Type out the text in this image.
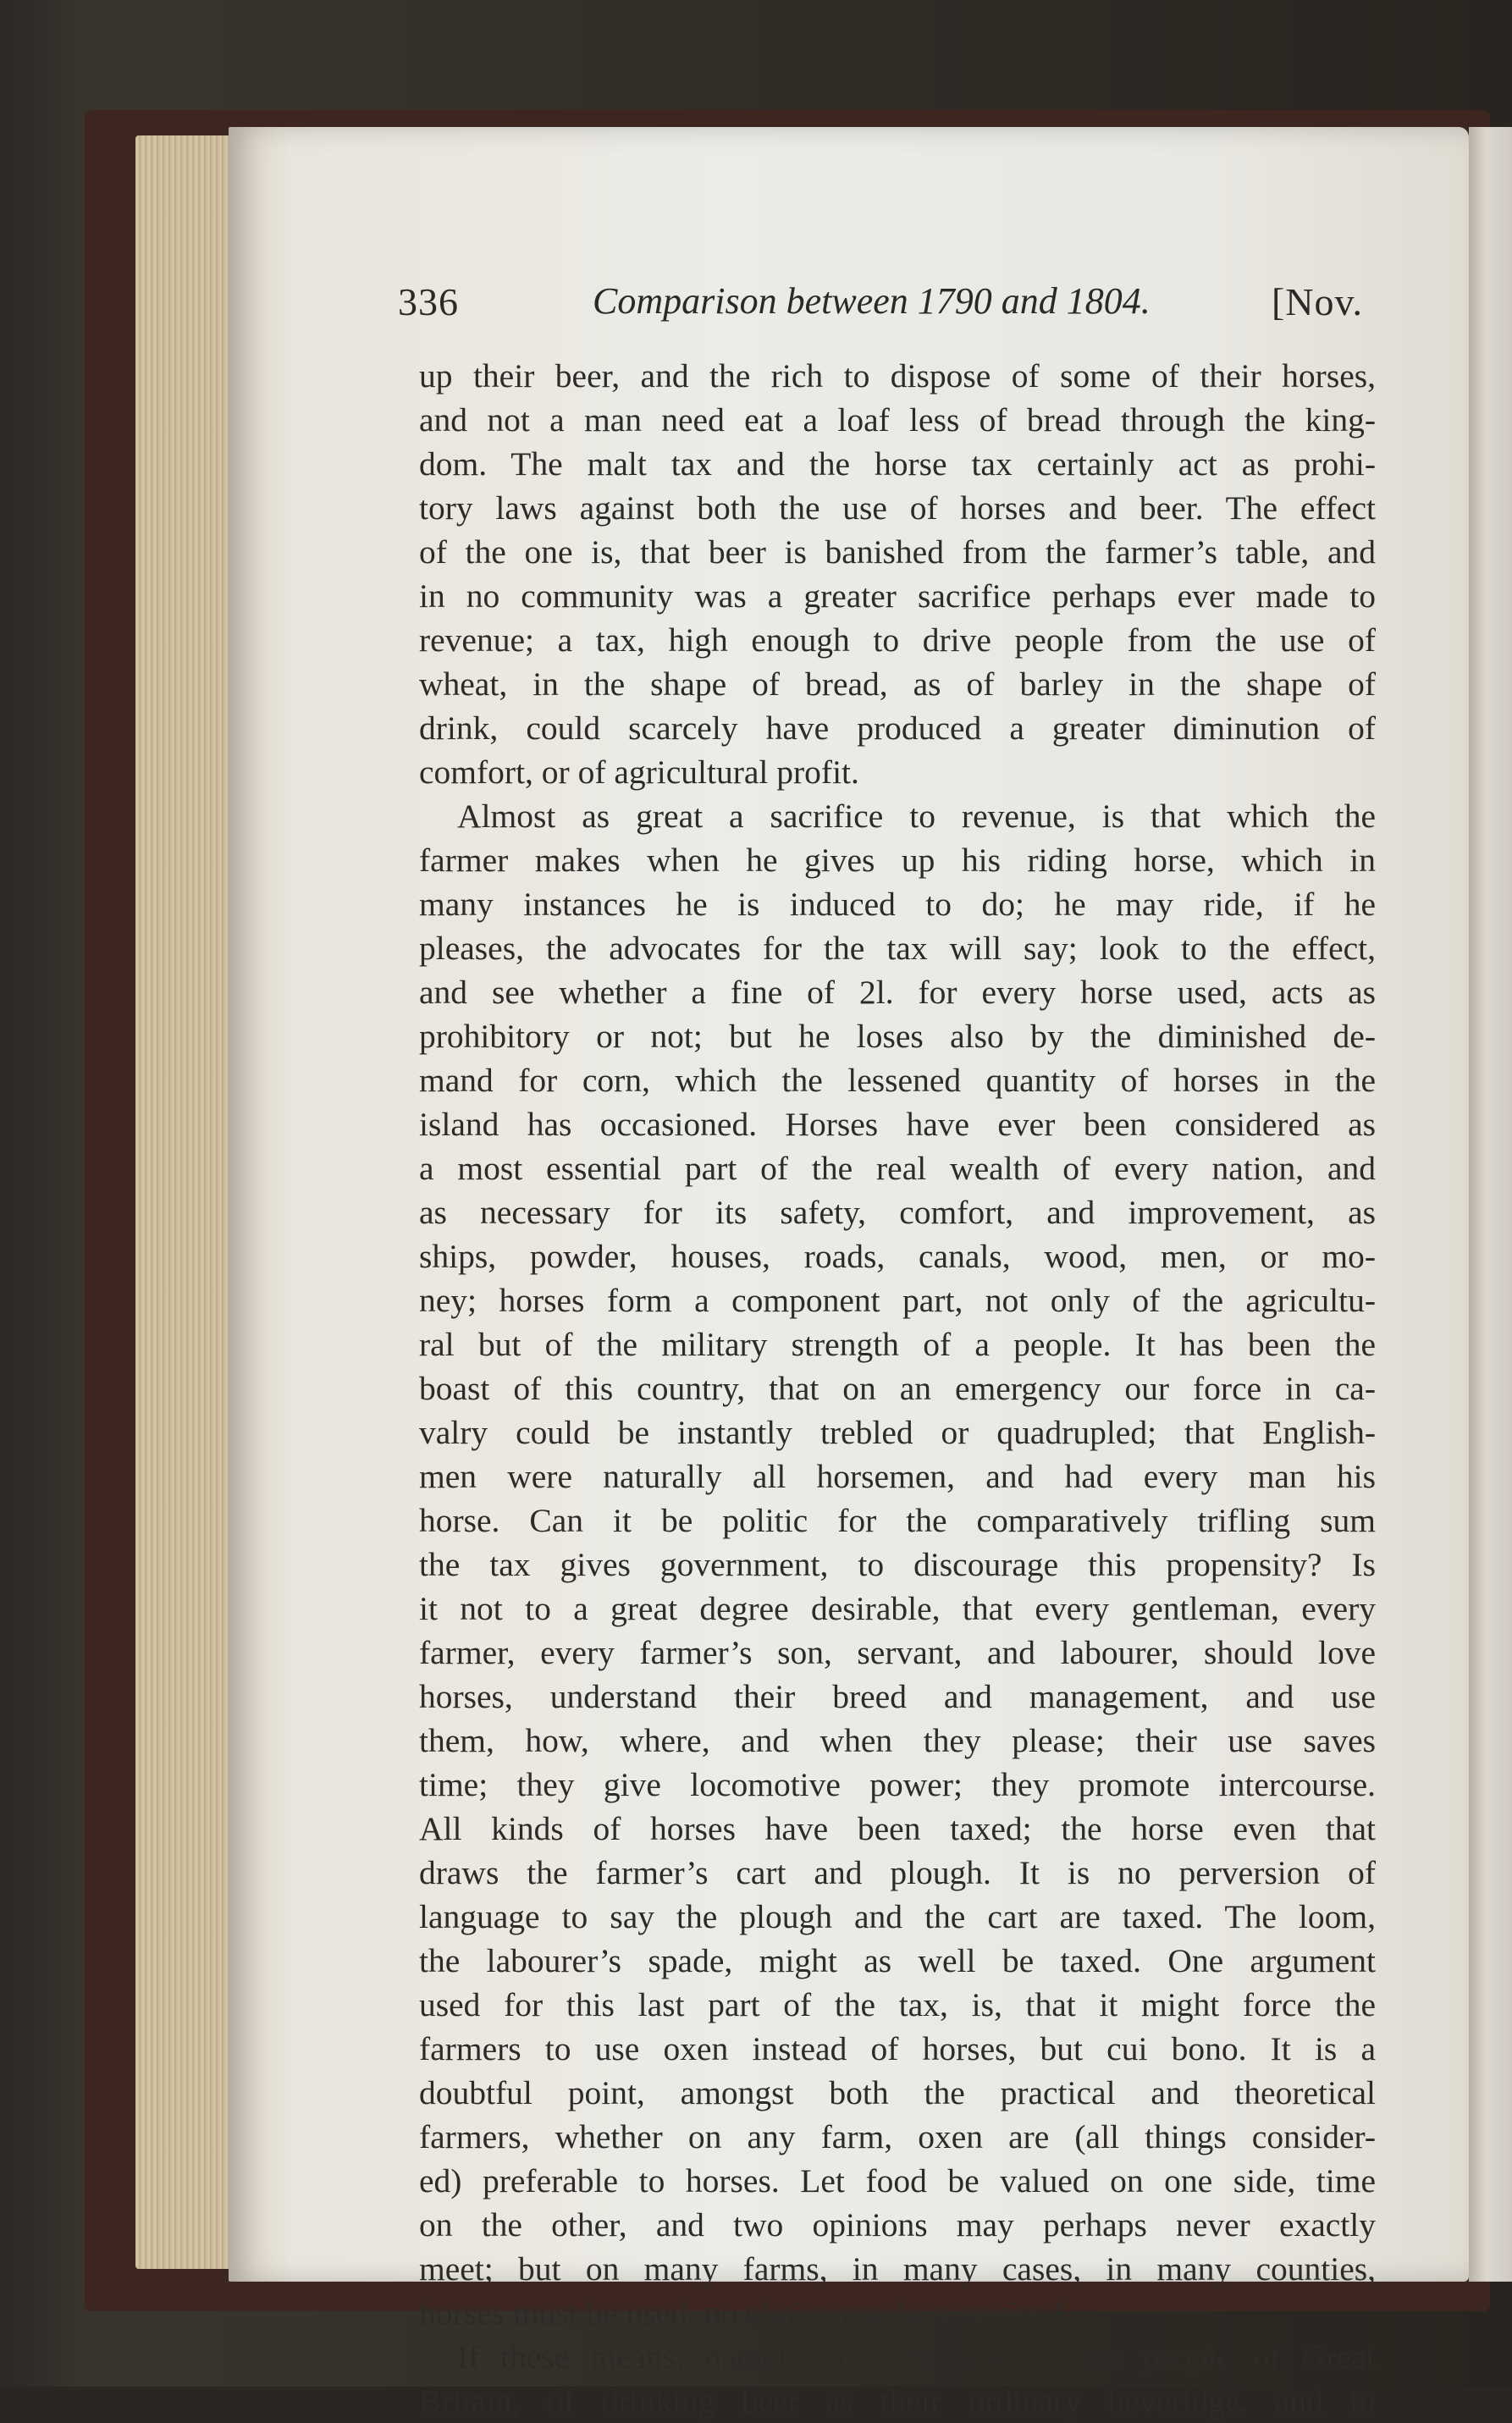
336	Comparison between 1790 and 1804.	[Nov.
up their beer, and the rich to dispose of some of their horses,
and not a man need eat a loaf less of bread through the king-
dom. The malt tax and the horse tax certainly act as prohi-
tory laws against both the use of horses and beer. The effect
of the one is, that beer is banished from the farmer’s table, and
in no community was a greater sacrifice perhaps ever made to
revenue; a tax, high enough to drive people from the use of
wheat, in the shape of bread, as of barley in the shape of
drink, could scarcely have produced a greater diminution of
comfort, or of agricultural profit.
Almost as great a sacrifice to revenue, is that which the
farmer makes when he gives up his riding horse, which in
many instances he is induced to do; he may ride, if he
pleases, the advocates for the tax will say; look to the effect,
and see whether a fine of 2l. for every horse used, acts as
prohibitory or not; but he loses also by the diminished de-
mand for corn, which the lessened quantity of horses in the
island has occasioned. Horses have ever been considered as
a most essential part of the real wealth of every nation, and
as necessary for its safety, comfort, and improvement, as
ships, powder, houses, roads, canals, wood, men, or mo-
ney; horses form a component part, not only of the agricultu-
ral but of the military strength of a people. It has been the
boast of this country, that on an emergency our force in ca-
valry could be instantly trebled or quadrupled; that English-
men were naturally all horsemen, and had every man his
horse. Can it be politic for the comparatively trifling sum
the tax gives government, to discourage this propensity? Is
it not to a great degree desirable, that every gentleman, every
farmer, every farmer’s son, servant, and labourer, should love
horses, understand their breed and management, and use
them, how, where, and when they please; their use saves
time; they give locomotive power; they promote intercourse.
All kinds of horses have been taxed; the horse even that
draws the farmer’s cart and plough. It is no perversion of
language to say the plough and the cart are taxed. The loom,
the labourer’s spade, might as well be taxed. One argument
used for this last part of the tax, is, that it might force the
farmers to use oxen instead of horses, but cui bono. It is a
doubtful point, amongst both the practical and theoretical
farmers, whether on any farm, oxen are (all things consider-
ed) preferable to horses. Let food be valued on one side, time
on the other, and two opinions may perhaps never exactly
meet; but on many farms, in many cases, in many counties,
horses must be used, no choice can be exercised.
If these means, namely, a permission to the people of Great
Britain, of drinking beer as their ordinary beveridge, and to
